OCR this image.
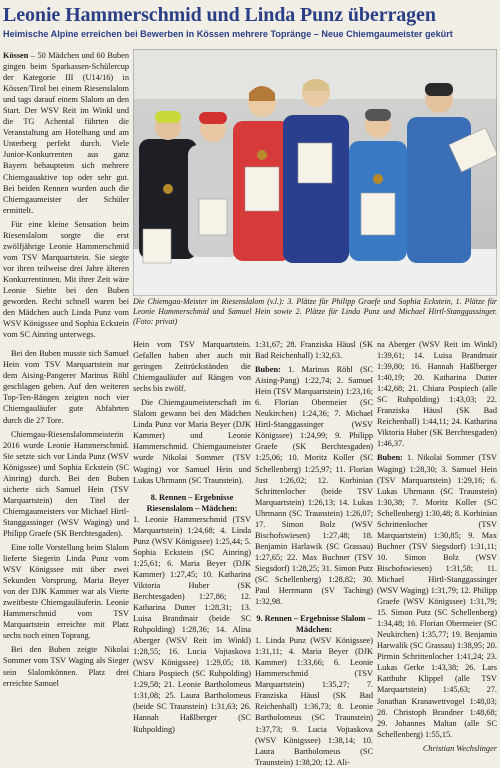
Leonie Hammerschmid und Linda Punz überragen
Heimische Alpine erreichen bei Bewerben in Kössen mehrere Topränge – Neue Chiemgaumeister gekürt

Die Chiemgau-Meister im Riesenslalom (v.l.): 3. Plätze für Philipp Graefe und Sophia Eckstein, 1. Plätze für Leonie Hammerschmid und Samuel Hein sowie 2. Plätze für Linda Punz und Michael Hirtl-Stanggassinger. (Foto: privat)

Kössen – 50 Mädchen und 60 Buben gingen beim Sparkassen-Schülercup der Kategorie III (U14/16) in Kössen/Tirol bei einem Riesenslalom und tags darauf einem Slalom an den Start. Der WSV Reit im Winkl und die TG Achental führten die Veranstaltung am Hotelhang und am Unterberg perfekt durch. Viele Junior-Konkurrenten aus ganz Bayern behaupteten sich mehrere Chiemgauaktive top oder sehr gut. Bei beiden Rennen wurden auch die Chiemgaumeister der Schüler ermittelt.

Für eine kleine Sensation beim Riesenslalom sorgte die erst zwölfjährige Leonie Hammerschmid vom TSV Marquartstein. Sie siegte vor ihren teilweise drei Jahre älteren Konkurrentinnen. Mit ihrer Zeit wäre Leonie Siebte bei den Buben geworden. Recht schnell waren bei den Mädchen auch Linda Punz vom WSV Königssee und Sophia Eckstein vom SC Ainring unterwegs.

Bei den Buben musste sich Samuel Hein vom TSV Marquartstein nur dem Aising-Pangerer Marinus Röhl geschlagen geben. Auf den weiteren Top-Ten-Rängen zeigten noch vier Chiemgauläufer gute Abfahrten durch die 27 Tore.

Chiemgau-Riesenslalommeisterin 2016 wurde Leonie Hammerschmid. Sie setzte sich vor Linda Punz (WSV Königssee) und Sophia Eckstein (SC Ainring) durch. Bei den Buben sicherte sich Samuel Hein (TSV Marquartstein) den Titel der Chiemgaumeisters vor Michael Hirtl-Stanggassinger (WSV Waging) und Philipp Graefe (SK Berchtesgaden).

Eine tolle Vorstellung beim Slalom lieferte Siegerin Linda Punz vom WSV Königssee mit über zwei Sekunden Vorsprung. Maria Beyer von der DJK Kammer war als Vierte zweitbeste Chiemgauläuferin. Leonie Hammerschmid vom TSV Marquartstein erreichte mit Platz sechs noch einen Toprang.

Bei den Buben zeigte Nikolai Sommer vom TSV Waging als Sieger sein Slalomkönnen. Platz drei erreichte Samuel

Hein vom TSV Marquartstein. Gefallen haben aber auch mit geringen Zeitrückständen die Chiemgauläufer auf Rängen von sechs bis zwölf.

Die Chiemgaumeisterschaft im Slalom gewann bei den Mädchen Linda Punz vor Maria Beyer (DJK Kammer) und Leonie Hammerschmid. Chiemgaumeister wurde Nikolai Sommer (TSV Waging) vor Samuel Hein und Lukas Uhrmann (SC Traunstein).

8. Rennen – Ergebnisse Riesenslalom – Mädchen:

1. Leonie Hammerschmid (TSV Marquartstein) 1:24,68; 4. Linda Punz (WSV Königssee) 1:25,44; 5. Sophia Eckstein (SC Ainring) 1:25,61; 6. Maria Beyer (DJK Kammer) 1:27,45; 10. Katharina Viktoria Huber (SK Berchtesgaden) 1:27,86; 12. Katharina Dutter 1:28,31; 13. Luisa Brandmair (beide SC Ruhpolding) 1:28,36; 14. Alina Aberger (WSV Reit im Winkl) 1:28,55; 16. Lucia Vojtaskova (WSV Königssee) 1:29,05; 18. Chiara Pospiech (SC Ruhpolding) 1:29,58; 21. Leonie Bartholomeus 1:31,08; 25. Laura Bartholomeus (beide SC Traunstein) 1:31,63; 26. Hannah Haßlberger (SC Ruhpolding)

1:31,67; 28. Franziska Häusl (SK Bad Reichenhall) 1:32,63.

Buben: 1. Marinus Röhl (SC Aising-Pang) 1:22,74; 2. Samuel Hein (TSV Marquartstein) 1:23,16; 6. Florian Obermeier (SC Neukirchen) 1:24,36; 7. Michael Hirtl-Stanggassinger (WSV Königssee) 1:24,99; 9. Philipp Graefe (SK Berchtesgaden) 1:25,06; 10. Moritz Koller (SC Schellenberg) 1:25,97; 11. Florian Just 1:26,02; 12. Korbinian Schrittenlocher (beide TSV Marquartstein) 1:26,13; 14. Lukas Uhrmann (SC Traunstein) 1:26,07; 17. Simon Bolz (WSV Bischofswiesen) 1:27,48; 18. Benjamin Harlawik (SC Grassau) 1:27,65; 22. Max Buchner (TSV Siegsdorf) 1:28,25; 31. Simon Putz (SC Schellenberg) 1:28,82; 30. Paul Herrmann (SV Taching) 1:32,98.

9. Rennen – Ergebnisse Slalom – Mädchen:

1. Linda Punz (WSV Königssee) 1:31,11; 4. Maria Beyer (DJK Kammer) 1:33,66; 6. Leonie Hammerschmid (TSV Marquartstein) 1:35,27; 7. Franziska Häusl (SK Bad Reichenhall) 1:36,73; 8. Leonie Bartholomeus (SC Traunstein) 1:37,73; 9. Lucia Vojtaskova (WSV Königssee) 1:38,14; 10. Laura Bartholomeus (SC Traunstein) 1:38,20; 12. Ali-

na Aberger (WSV Reit im Winkl) 1:39,61; 14. Luisa Brandmair 1:39,80; 16. Hannah Haßlberger 1:40,19; 20. Katharina Dutter 1:42,68; 21. Chiara Pospiech (alle SC Ruhpolding) 1:43,03; 22. Franziska Häusl (SK Bad Reichenhall) 1:44,11; 24. Katharina Viktoria Huber (SK Berchtesgaden) 1:46,37.

Buben: 1. Nikolai Sommer (TSV Waging) 1:28,30; 3. Samuel Hein (TSV Marquartstein) 1:29,16; 6. Lukas Uhrmann (SC Traunstein) 1:30,38; 7. Moritz Koller (SC Schellenberg) 1:30,48; 8. Korbinian Schrittenlocher (TSV Marquartstein) 1:30,85; 9. Max Buchner (TSV Siegsdorf) 1:31,11; 10. Simon Bolz (WSV Bischofswiesen) 1:31,58; 11. Michael Hirtl-Stanggassinger (WSV Waging) 1:31,79; 12. Philipp Graefe (WSV Königssee) 1:31,79; 15. Simon Putz (SC Schellenberg) 1:34,48; 16. Florian Obermeier (SC Neukirchen) 1:35,77; 19. Benjamin Harwalik (SC Grassau) 1:38,95; 20. Pirmin Schrittenlocher 1:41,24; 23. Lukas Gerke 1:43,38; 26. Lars Katthuhr Klippel (alle TSV Marquartstein) 1:45,63; 27. Jonathan Kranawettvogel 1:48,03; 28. Christoph Brandner 1:48,68; 29. Johannes Maltan (alle SC Schellenberg) 1:55,15.

Christian Wechslinger
